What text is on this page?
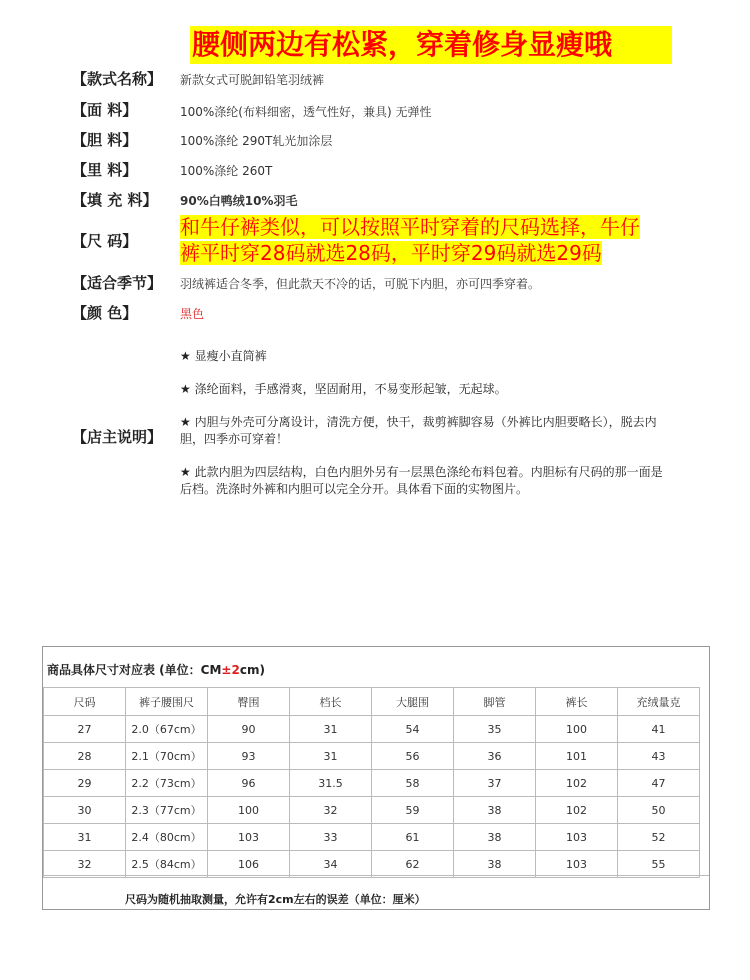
腰侧两边有松紧，穿着修身显瘦哦
【款式名称】 新款女式可脱卸铅笔羽绒裤
【面 料】	100%涤纶(布料细密，透气性好，兼具) 无弹性
【胆 料】	100%涤纶 290T轧光加涂层
【里 料】	100%涤纶 260T
【填 充 料】 90%白鸭绒10%羽毛
【尺 码】
和牛仔裤类似，可以按照平时穿着的尺码选择，牛仔
裤平时穿28码就选28码，平时穿29码就选29码
【适合季节】 羽绒裤适合冬季，但此款天不冷的话，可脱下内胆，亦可四季穿着。
【颜 色】	黑色
【店主说明】

★ 显瘦小直筒裤

★ 涤纶面料，手感滑爽，坚固耐用，不易变形起皱，无起球。

★ 内胆与外壳可分离设计，清洗方便，快干，裁剪裤脚容易（外裤比内胆要略长），脱去内胆，四季亦可穿着！

★ 此款内胆为四层结构，白色内胆外另有一层黑色涤纶布料包着。内胆标有尺码的那一面是后档。洗涤时外裤和内胆可以完全分开。具体看下面的实物图片。

商品具体尺寸对应表 (单位：CM±2cm)
尺码	裤子腰围尺	臀围	档长	大腿围	脚管	裤长	充绒量克
27	2.0（67cm）	90	31	54	35	100	41
28	2.1（70cm）	93	31	56	36	101	43
29	2.2（73cm）	96	31.5	58	37	102	47
30	2.3（77cm）	100	32	59	38	102	50
31	2.4（80cm）	103	33	61	38	103	52
32	2.5（84cm）	106	34	62	38	103	55
尺码为随机抽取测量，允许有2cm左右的误差（单位：厘米）
